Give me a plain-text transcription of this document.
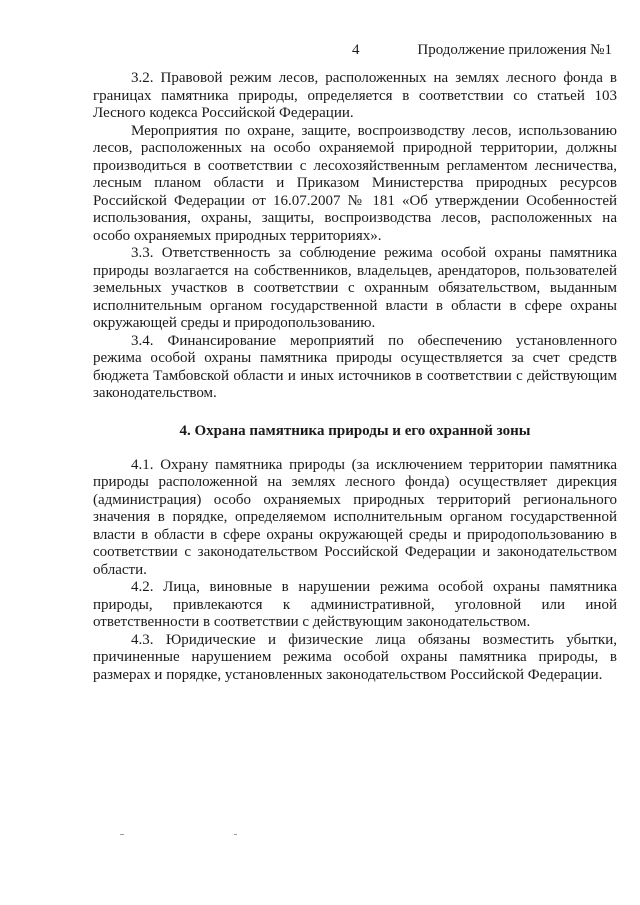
4	Продолжение приложения №1

3.2. Правовой режим лесов, расположенных на землях лесного фонда в границах памятника природы, определяется в соответствии со статьей 103 Лесного кодекса Российской Федерации.

Мероприятия по охране, защите, воспроизводству лесов, использованию лесов, расположенных на особо охраняемой природной территории, должны производиться в соответствии с лесохозяйственным регламентом лесничества, лесным планом области и Приказом Министерства природных ресурсов Российской Федерации от 16.07.2007 № 181 «Об утверждении Особенностей использования, охраны, защиты, воспроизводства лесов, расположенных на особо охраняемых природных территориях».

3.3. Ответственность за соблюдение режима особой охраны памятника природы возлагается на собственников, владельцев, арендаторов, пользователей земельных участков в соответствии с охранным обязательством, выданным исполнительным органом государственной власти в области в сфере охраны окружающей среды и природопользованию.

3.4. Финансирование мероприятий по обеспечению установленного режима особой охраны памятника природы осуществляется за счет средств бюджета Тамбовской области и иных источников в соответствии с действующим законодательством.

4. Охрана памятника природы и его охранной зоны

4.1. Охрану памятника природы (за исключением территории памятника природы расположенной на землях лесного фонда) осуществляет дирекция (администрация) особо охраняемых природных территорий регионального значения в порядке, определяемом исполнительным органом государственной власти в области в сфере охраны окружающей среды и природопользованию в соответствии с законодательством Российской Федерации и законодательством области.

4.2. Лица, виновные в нарушении режима особой охраны памятника природы, привлекаются к административной, уголовной или иной ответственности в соответствии с действующим законодательством.

4.3. Юридические и физические лица обязаны возместить убытки, причиненные нарушением режима особой охраны памятника природы, в размерах и порядке, установленных законодательством Российской Федерации.
